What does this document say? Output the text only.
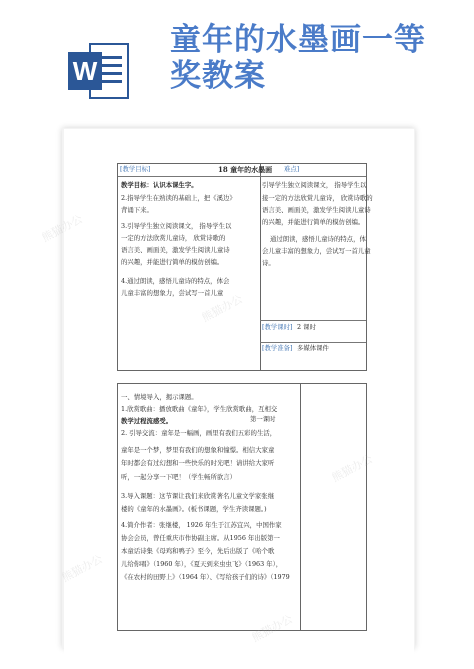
W
童年的水墨画一等
奖教案
[教学目标]	18 童年的水墨画 难点]
教学目标：认识本课生字。
2.指导学生在熟读的基础上，把《溪边》
背诵下来。
3.引导学生独立阅读课文， 指导学生以
一定的方法欣赏儿童诗， 欣赏诗歌的
语言美、画面美，激发学生阅读儿童诗
的兴趣，并能进行简单的模仿创编。
4.通过朗读，感悟儿童诗的特点，体会
儿童丰富的想象力，尝试写一首儿童
引导学生独立阅读课文， 指导学生以
接一定的方法欣赏儿童诗， 欣赏诗歌的
语言美、画面美，激发学生阅读儿童诗
的兴趣，并能进行简单的模仿创编。
通过朗读，感悟儿童诗的特点，体
会儿童丰富的想象力，尝试写一首儿童
诗。
[教学课时] 2 课时
[教学准备] 多媒体课件
一、情境导入，揭示课题。
1.欣赏歌曲：播放歌曲《童年》，学生欣赏歌曲，互相交
教学过程流感受。	第一课时
2. 引导交流：童年是一幅画，画里有我们五彩的生活，
童年是一个梦，梦里有我们的想象和憧憬。相信大家童
年时都会有过幻想和一些快乐的时光吧！请讲给大家听
听，一起分享一下吧！（学生畅所欲言）
3.导入课题：这节课让我们来欣赏著名儿童文学家张继
楼的《童年的水墨画》。(板书课题，学生齐读课题。)
4.简介作者：张继楼， 1926 年生于江苏宜兴，中国作家
协会会员，曾任重庆市作协副主席。从1956 年出版第一
本童话诗集《母鸡和鸭子》至今，先后出版了《哈个歌
儿给你唱》（1960 年），《夏天到来虫虫飞》（1963 年），
《在农村的田野上》（1964 年）、《写给孩子们的诗》（1979
熊猫办公
熊猫办公
熊猫办公
熊猫办公
熊猫办公
